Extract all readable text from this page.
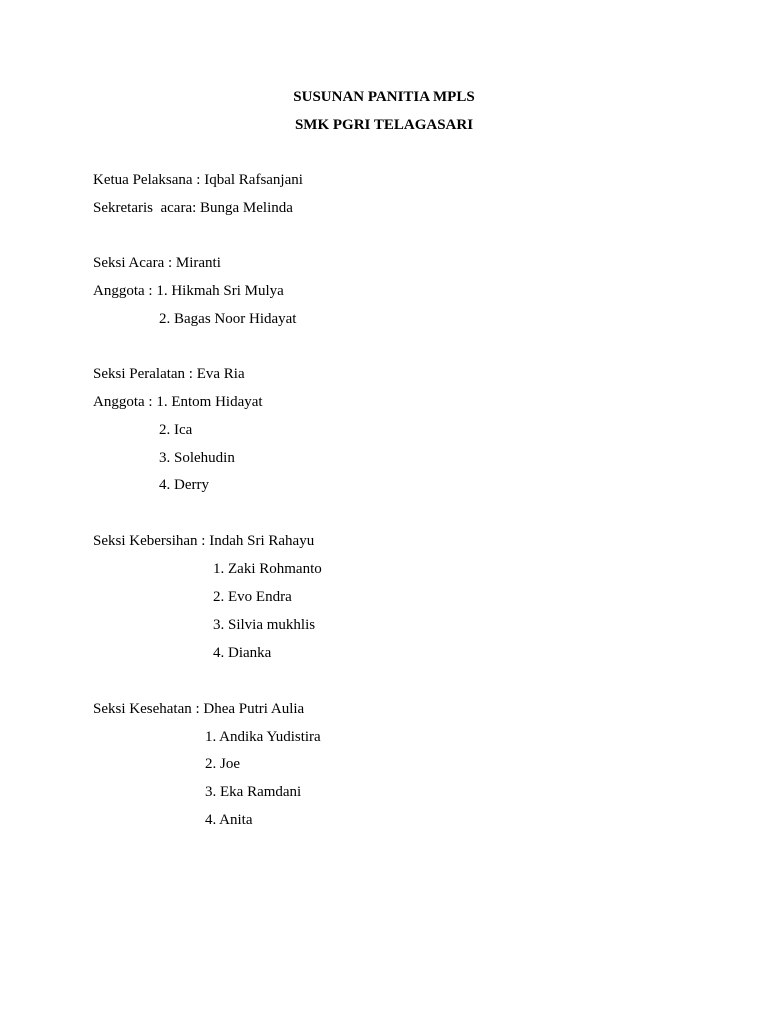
SUSUNAN PANITIA MPLS
SMK PGRI TELAGASARI
Ketua Pelaksana : Iqbal Rafsanjani
Sekretaris  acara: Bunga Melinda
Seksi Acara : Miranti
Anggota : 1. Hikmah Sri Mulya
2. Bagas Noor Hidayat
Seksi Peralatan : Eva Ria
Anggota : 1. Entom Hidayat
2. Ica
3. Solehudin
4. Derry
Seksi Kebersihan : Indah Sri Rahayu
1. Zaki Rohmanto
2. Evo Endra
3. Silvia mukhlis
4. Dianka
Seksi Kesehatan : Dhea Putri Aulia
1. Andika Yudistira
2. Joe
3. Eka Ramdani
4. Anita
